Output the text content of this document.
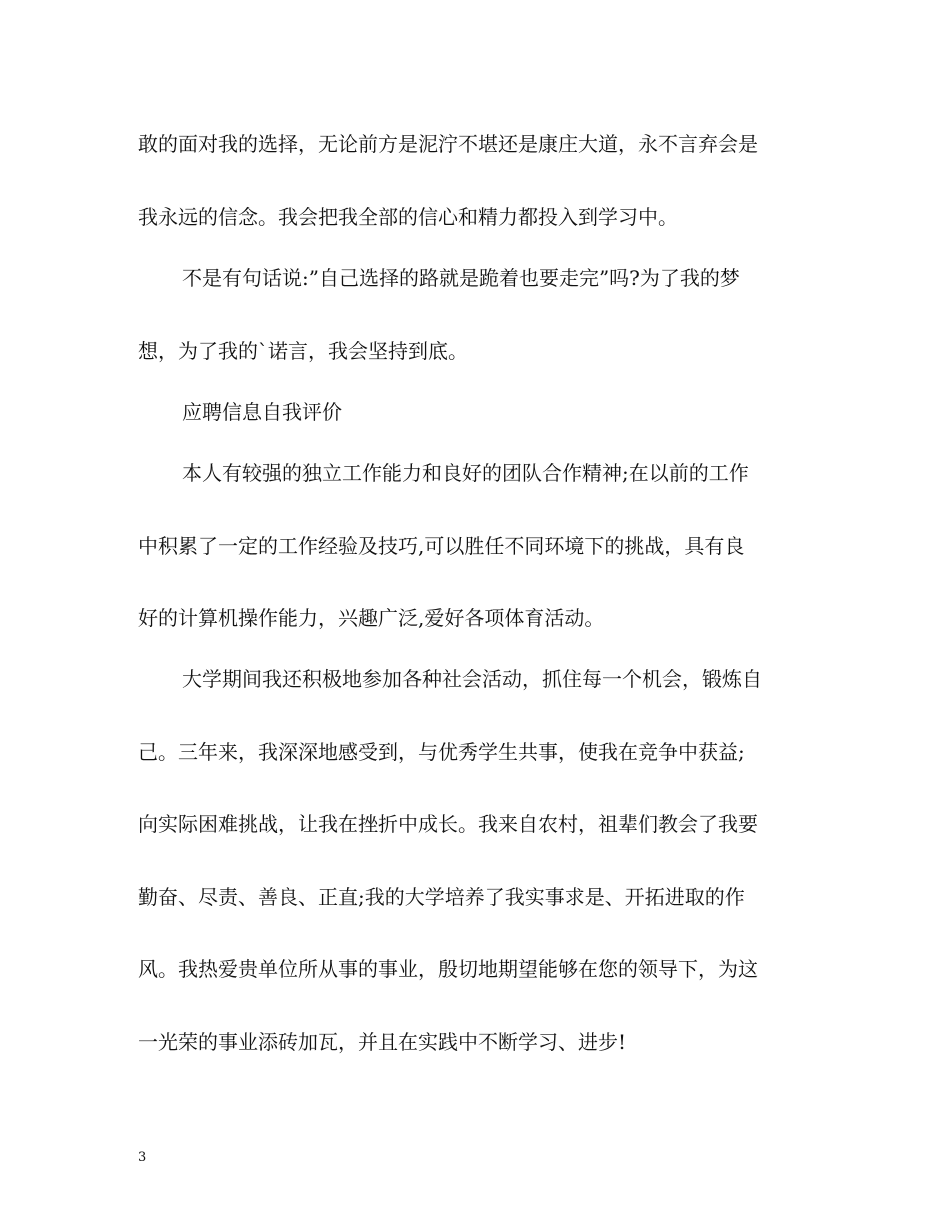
敢的面对我的选择，无论前方是泥泞不堪还是康庄大道，永不言弃会是
我永远的信念。我会把我全部的信心和精力都投入到学习中。
不是有句话说:”自己选择的路就是跪着也要走完”吗?为了我的梦
想，为了我的`诺言，我会坚持到底。
应聘信息自我评价
本人有较强的独立工作能力和良好的团队合作精神;在以前的工作
中积累了一定的工作经验及技巧,可以胜任不同环境下的挑战，具有良
好的计算机操作能力，兴趣广泛,爱好各项体育活动。
大学期间我还积极地参加各种社会活动，抓住每一个机会，锻炼自
己。三年来，我深深地感受到，与优秀学生共事，使我在竞争中获益;
向实际困难挑战，让我在挫折中成长。我来自农村，祖辈们教会了我要
勤奋、尽责、善良、正直;我的大学培养了我实事求是、开拓进取的作
风。我热爱贵单位所从事的事业，殷切地期望能够在您的领导下，为这
一光荣的事业添砖加瓦，并且在实践中不断学习、进步!
3
